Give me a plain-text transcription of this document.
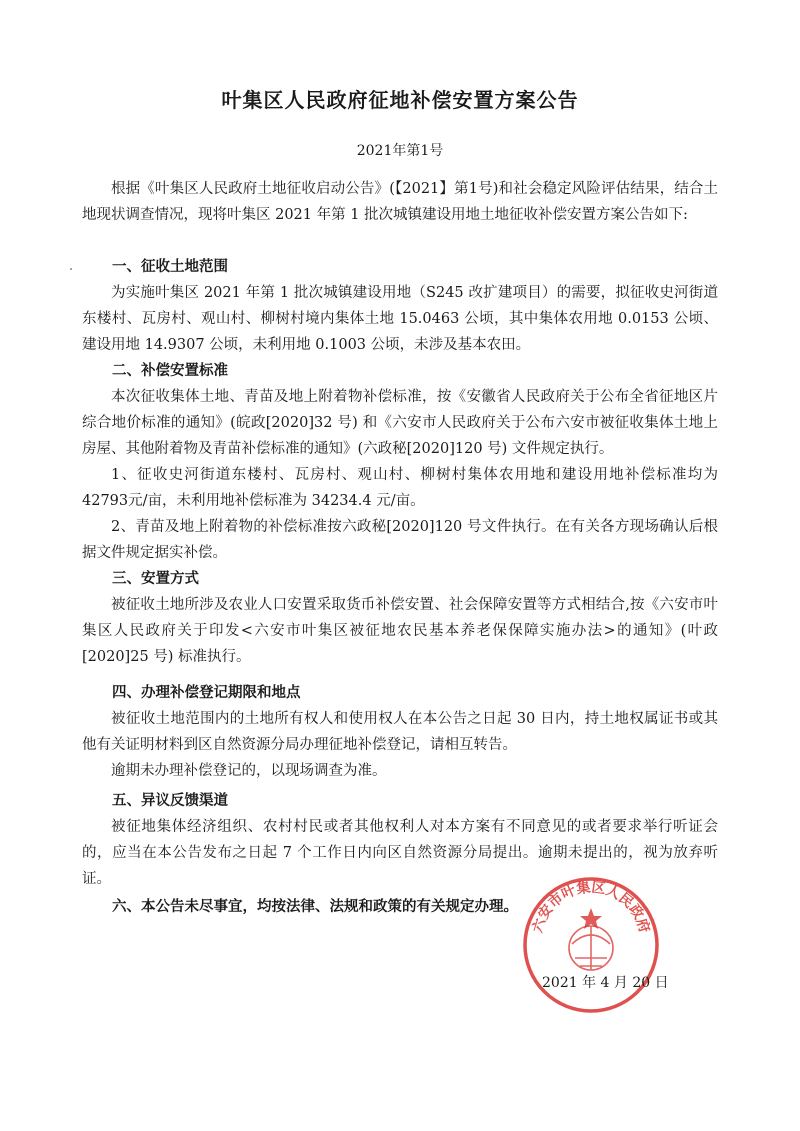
叶集区人民政府征地补偿安置方案公告
2021年第1号

根据《叶集区人民政府土地征收启动公告》(【2021】第1号)和社会稳定风险评估结果，结合土地现状调查情况，现将叶集区 2021 年第 1 批次城镇建设用地土地征收补偿安置方案公告如下:

一、征收土地范围

为实施叶集区 2021 年第 1 批次城镇建设用地（S245 改扩建项目）的需要，拟征收史河街道东楼村、瓦房村、观山村、柳树村境内集体土地 15.0463 公顷，其中集体农用地 0.0153 公顷、建设用地 14.9307 公顷，未利用地 0.1003 公顷，未涉及基本农田。

二、补偿安置标准

本次征收集体土地、青苗及地上附着物补偿标准，按《安徽省人民政府关于公布全省征地区片综合地价标准的通知》(皖政[2020]32 号) 和《六安市人民政府关于公布六安市被征收集体土地上房屋、其他附着物及青苗补偿标准的通知》(六政秘[2020]120 号) 文件规定执行。

1、征收史河街道东楼村、瓦房村、观山村、柳树村集体农用地和建设用地补偿标准均为 42793元/亩，未利用地补偿标准为 34234.4 元/亩。

2、青苗及地上附着物的补偿标准按六政秘[2020]120 号文件执行。在有关各方现场确认后根据文件规定据实补偿。

三、安置方式

被征收土地所涉及农业人口安置采取货币补偿安置、社会保障安置等方式相结合,按《六安市叶集区人民政府关于印发<六安市叶集区被征地农民基本养老保保障实施办法>的通知》(叶政[2020]25 号) 标准执行。

四、办理补偿登记期限和地点

被征收土地范围内的土地所有权人和使用权人在本公告之日起 30 日内，持土地权属证书或其他有关证明材料到区自然资源分局办理征地补偿登记，请相互转告。

逾期未办理补偿登记的，以现场调查为准。

五、异议反馈渠道

被征地集体经济组织、农村村民或者其他权利人对本方案有不同意见的或者要求举行听证会的，应当在本公告发布之日起 7 个工作日内向区自然资源分局提出。逾期未提出的，视为放弃听证。

六、本公告未尽事宜，均按法律、法规和政策的有关规定办理。
六安市叶集区人民政府
2021 年 4 月 20 日
